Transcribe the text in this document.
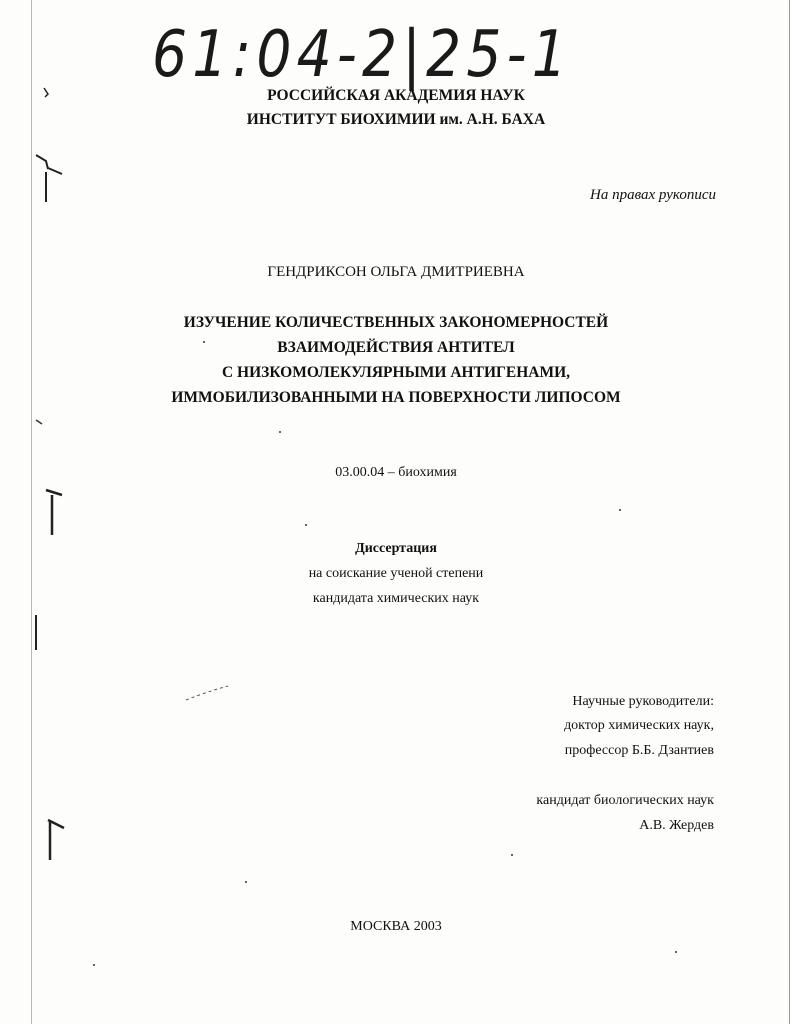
61:04-2|25-1
РОССИЙСКАЯ АКАДЕМИЯ НАУК
ИНСТИТУТ БИОХИМИИ им. А.Н. БАХА
На правах рукописи
ГЕНДРИКСОН ОЛЬГА ДМИТРИЕВНА
ИЗУЧЕНИЕ КОЛИЧЕСТВЕННЫХ ЗАКОНОМЕРНОСТЕЙ
ВЗАИМОДЕЙСТВИЯ АНТИТЕЛ
С НИЗКОМОЛЕКУЛЯРНЫМИ АНТИГЕНАМИ,
ИММОБИЛИЗОВАННЫМИ НА ПОВЕРХНОСТИ ЛИПОСОМ
03.00.04 – биохимия
Диссертация
на соискание ученой степени
кандидата химических наук
Научные руководители:
доктор химических наук,
профессор Б.Б. Дзантиев
кандидат биологических наук
А.В. Жердев
МОСКВА 2003
